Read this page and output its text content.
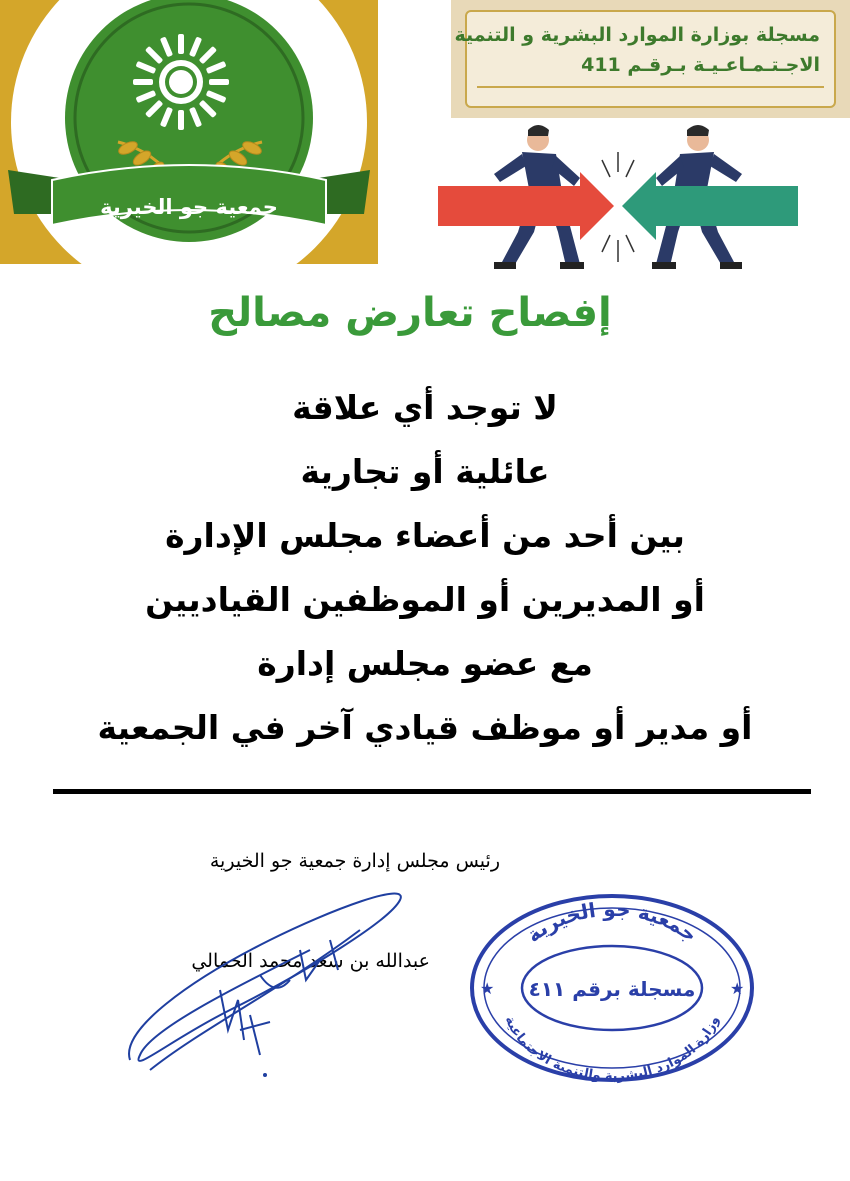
جمعية جو الخيرية
مسجلة بوزارة الموارد البشرية و التنمية
الاجـتـمـاعـيـة بـرقـم 411
إفصاح تعارض مصالح
لا توجد أي علاقة
عائلية أو تجارية
بين أحد من أعضاء مجلس الإدارة
أو المديرين أو الموظفين القياديين
مع عضو مجلس إدارة
أو مدير أو موظف قيادي آخر في الجمعية
رئيس مجلس إدارة جمعية جو الخيرية
عبدالله بن سعد محمد الحمالي
جمعية جو الخيرية
مسجلة برقم ٤١١
وزارة الموارد البشرية والتنمية الاجتماعية
★	★
